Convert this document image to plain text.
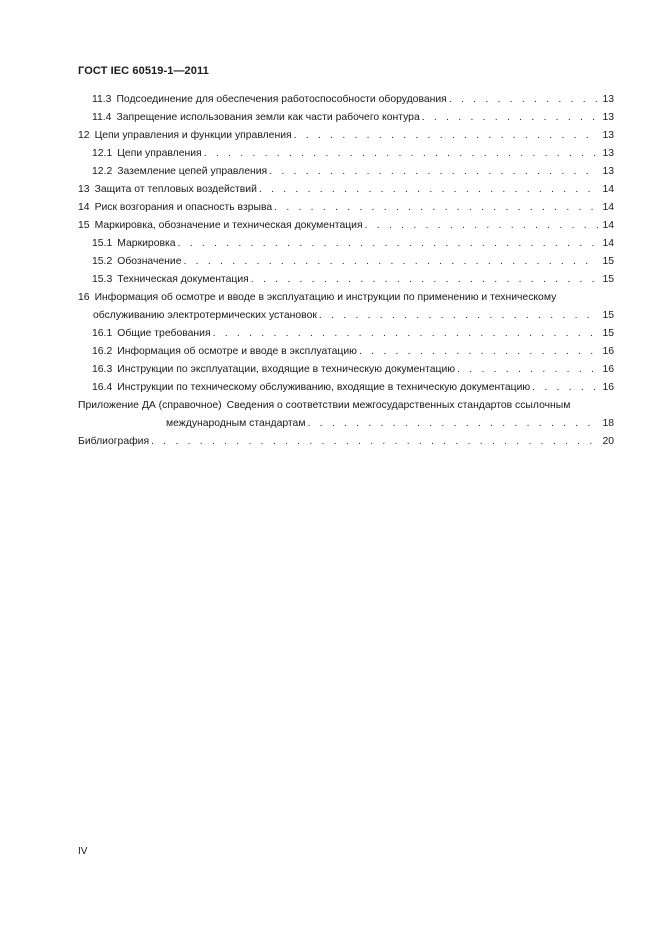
ГОСТ IEC 60519-1—2011
11.3 Подсоединение для обеспечения работоспособности оборудования . . .	13
11.4 Запрещение использования земли как части рабочего контура . . .	13
12 Цепи управления и функции управления . . .	13
12.1 Цепи управления . . .	13
12.2 Заземление цепей управления . . .	13
13 Защита от тепловых воздействий . . .	14
14 Риск возгорания и опасность взрыва . . .	14
15 Маркировка, обозначение и техническая документация . . .	14
15.1 Маркировка . . .	14
15.2 Обозначение . . .	15
15.3 Техническая документация . . .	15
16 Информация об осмотре и вводе в эксплуатацию и инструкции по применению и техническому
обслуживанию электротермических установок . . .	15
16.1 Общие требования . . .	15
16.2 Информация об осмотре и вводе в эксплуатацию . . .	16
16.3 Инструкции по эксплуатации, входящие в техническую документацию . . .	16
16.4 Инструкции по техническому обслуживанию, входящие в техническую документацию . . .	16
Приложение ДА (справочное) Сведения о соответствии межгосударственных стандартов ссылочным
международным стандартам . . .	18
Библиография . . .	20
IV
